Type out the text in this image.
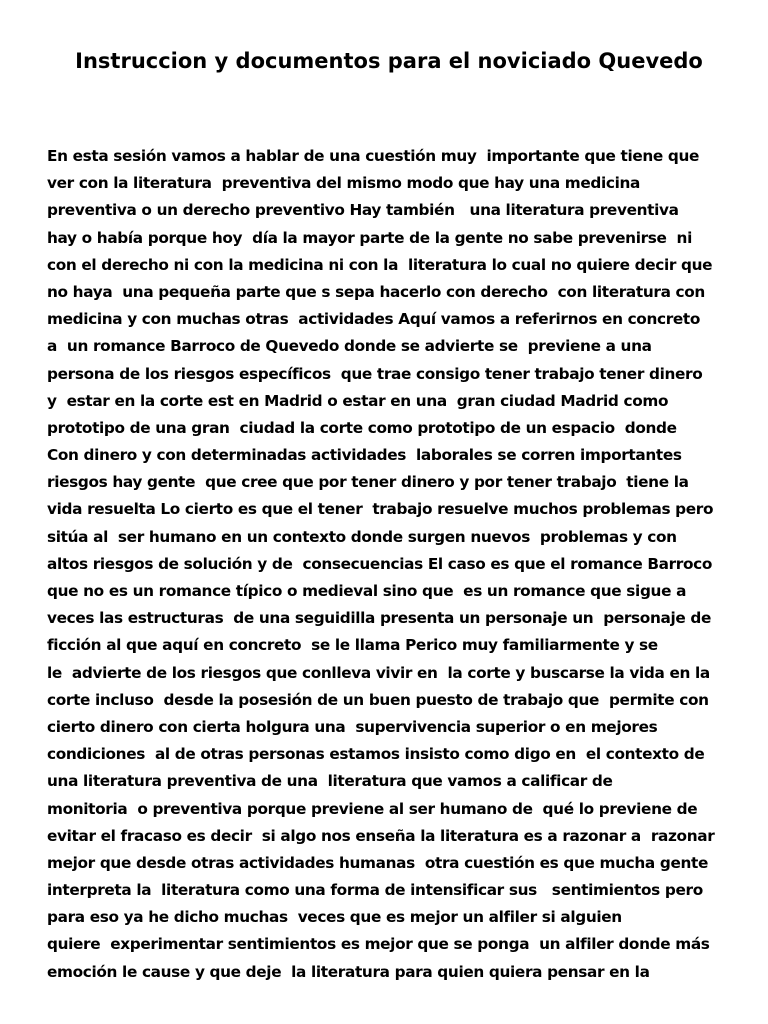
Instruccion y documentos para el noviciado Quevedo
En esta sesión vamos a hablar de una cuestión muy  importante que tiene que
ver con la literatura  preventiva del mismo modo que hay una medicina
preventiva o un derecho preventivo Hay también   una literatura preventiva
hay o había porque hoy  día la mayor parte de la gente no sabe prevenirse  ni
con el derecho ni con la medicina ni con la  literatura lo cual no quiere decir que
no haya  una pequeña parte que s sepa hacerlo con derecho  con literatura con
medicina y con muchas otras  actividades Aquí vamos a referirnos en concreto
a  un romance Barroco de Quevedo donde se advierte se  previene a una
persona de los riesgos específicos  que trae consigo tener trabajo tener dinero
y  estar en la corte est en Madrid o estar en una  gran ciudad Madrid como
prototipo de una gran  ciudad la corte como prototipo de un espacio  donde
Con dinero y con determinadas actividades  laborales se corren importantes
riesgos hay gente  que cree que por tener dinero y por tener trabajo  tiene la
vida resuelta Lo cierto es que el tener  trabajo resuelve muchos problemas pero
sitúa al  ser humano en un contexto donde surgen nuevos  problemas y con
altos riesgos de solución y de  consecuencias El caso es que el romance Barroco
que no es un romance típico o medieval sino que  es un romance que sigue a
veces las estructuras  de una seguidilla presenta un personaje un  personaje de
ficción al que aquí en concreto  se le llama Perico muy familiarmente y se
le  advierte de los riesgos que conlleva vivir en  la corte y buscarse la vida en la
corte incluso  desde la posesión de un buen puesto de trabajo que  permite con
cierto dinero con cierta holgura una  supervivencia superior o en mejores
condiciones  al de otras personas estamos insisto como digo en  el contexto de
una literatura preventiva de una  literatura que vamos a calificar de
monitoria  o preventiva porque previene al ser humano de  qué lo previene de
evitar el fracaso es decir  si algo nos enseña la literatura es a razonar a  razonar
mejor que desde otras actividades humanas  otra cuestión es que mucha gente
interpreta la  literatura como una forma de intensificar sus   sentimientos pero
para eso ya he dicho muchas  veces que es mejor un alfiler si alguien
quiere  experimentar sentimientos es mejor que se ponga  un alfiler donde más
emoción le cause y que deje  la literatura para quien quiera pensar en la
